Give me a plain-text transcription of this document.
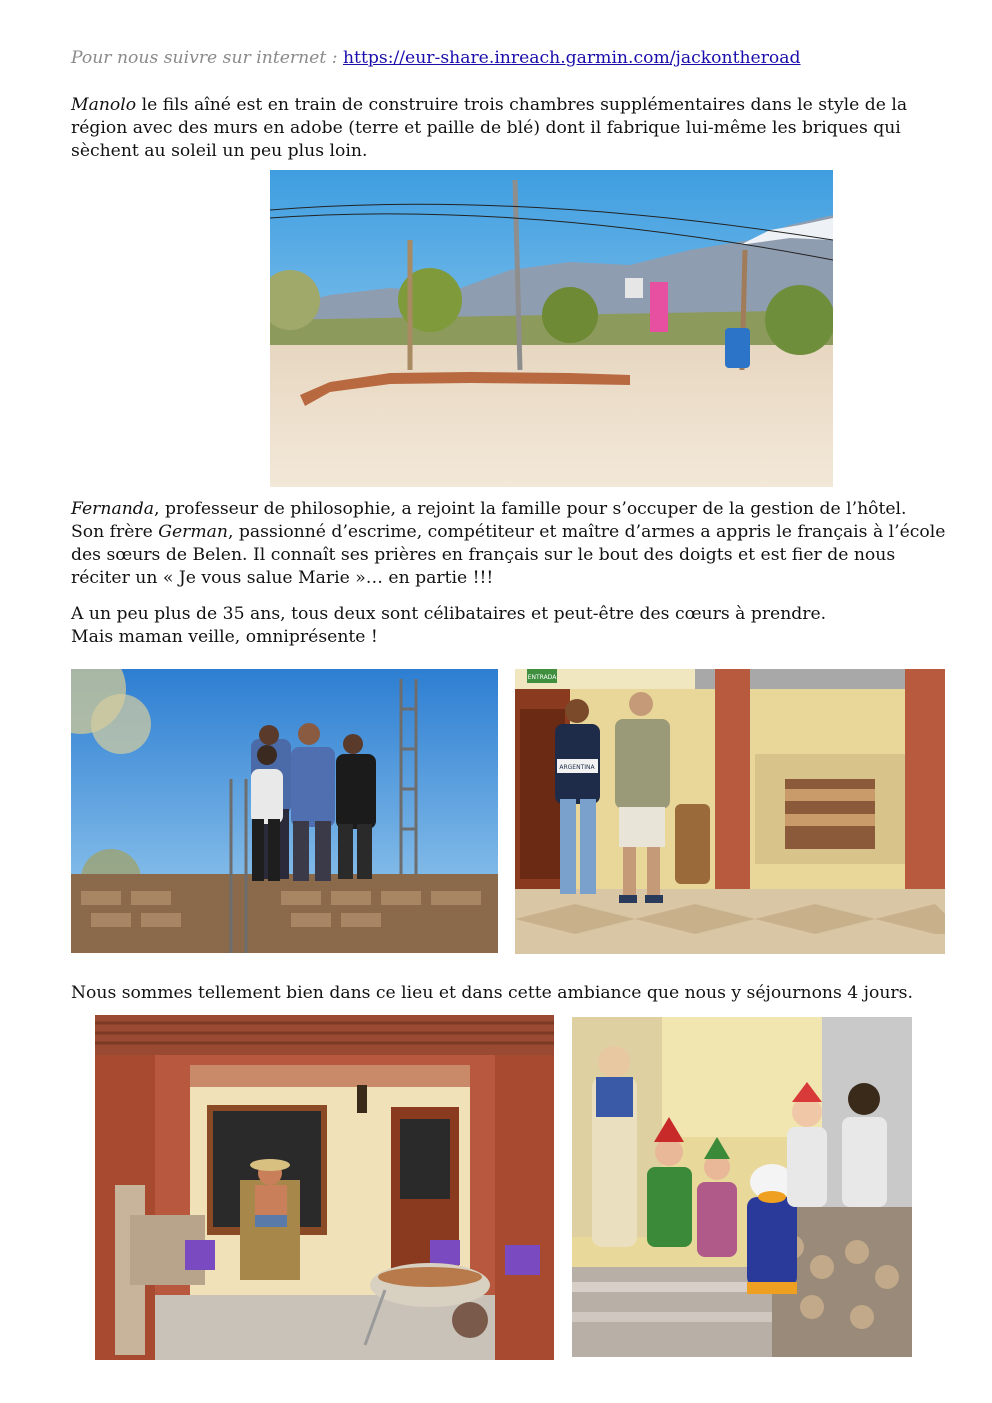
Pour nous suivre sur internet : https://eur-share.inreach.garmin.com/jackontheroad

Manolo le fils aîné est en train de construire trois chambres supplémentaires dans le style de la région avec des murs en adobe (terre et paille de blé) dont il fabrique lui-même les briques qui sèchent au soleil un peu plus loin.

Fernanda, professeur de philosophie, a rejoint la famille pour s’occuper de la gestion de l’hôtel.
Son frère German, passionné d’escrime, compétiteur et maître d’armes a appris le français à l’école des sœurs de Belen. Il connaît ses prières en français sur le bout des doigts et est fier de nous réciter un « Je vous salue Marie »… en partie !!!

A un peu plus de 35 ans, tous deux sont célibataires et peut-être des cœurs à prendre.
Mais maman veille, omniprésente !

ENTRADA
ARGENTINA

Nous sommes tellement bien dans ce lieu et dans cette ambiance que nous y séjournons 4 jours.
